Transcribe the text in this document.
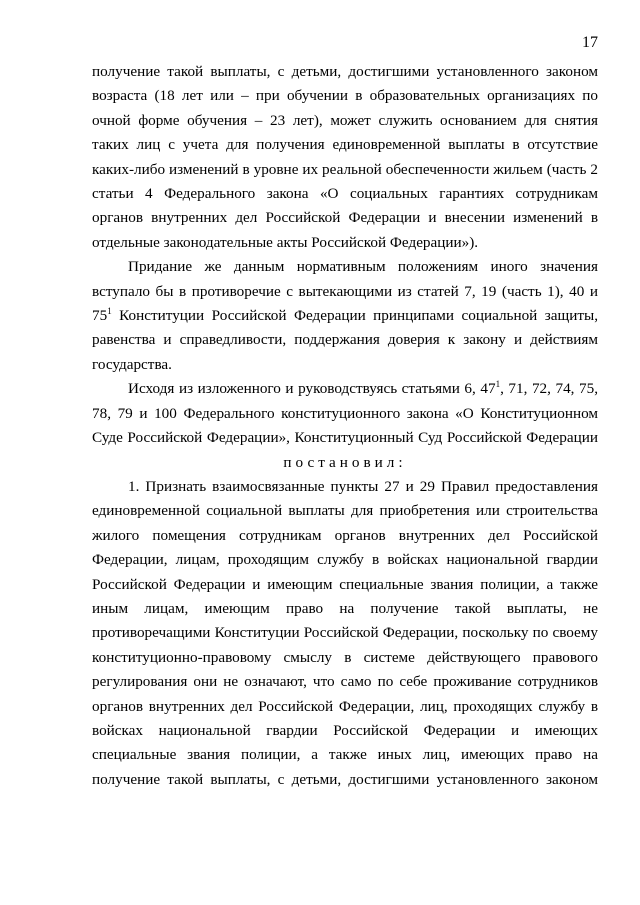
17

получение такой выплаты, с детьми, достигшими установленного законом
возраста (18 лет или – при обучении в образовательных организациях по
очной форме обучения – 23 лет), может служить основанием для снятия
таких лиц с учета для получения единовременной выплаты в отсутствие
каких-либо изменений в уровне их реальной обеспеченности жильем (часть 2
статьи 4 Федерального закона «О социальных гарантиях сотрудникам
органов внутренних дел Российской Федерации и внесении изменений в
отдельные законодательные акты Российской Федерации»).

Придание же данным нормативным положениям иного значения
вступало бы в противоречие с вытекающими из статей 7, 19 (часть 1), 40 и
$75^1$ Конституции Российской Федерации принципами социальной защиты,
равенства и справедливости, поддержания доверия к закону и действиям
государства.

Исходя из изложенного и руководствуясь статьями 6, $47^1$, 71, 72, 74, 75,
78, 79 и 100 Федерального конституционного закона «О Конституционном
Суде Российской Федерации», Конституционный Суд Российской Федерации

постановил:

1. Признать взаимосвязанные пункты 27 и 29 Правил предоставления
единовременной социальной выплаты для приобретения или строительства
жилого помещения сотрудникам органов внутренних дел Российской
Федерации, лицам, проходящим службу в войсках национальной гвардии
Российской Федерации и имеющим специальные звания полиции, а также
иным лицам, имеющим право на получение такой выплаты, не
противоречащими Конституции Российской Федерации, поскольку по своему
конституционно-правовому смыслу в системе действующего правового
регулирования они не означают, что само по себе проживание сотрудников
органов внутренних дел Российской Федерации, лиц, проходящих службу в
войсках национальной гвардии Российской Федерации и имеющих
специальные звания полиции, а также иных лиц, имеющих право на
получение такой выплаты, с детьми, достигшими установленного законом
